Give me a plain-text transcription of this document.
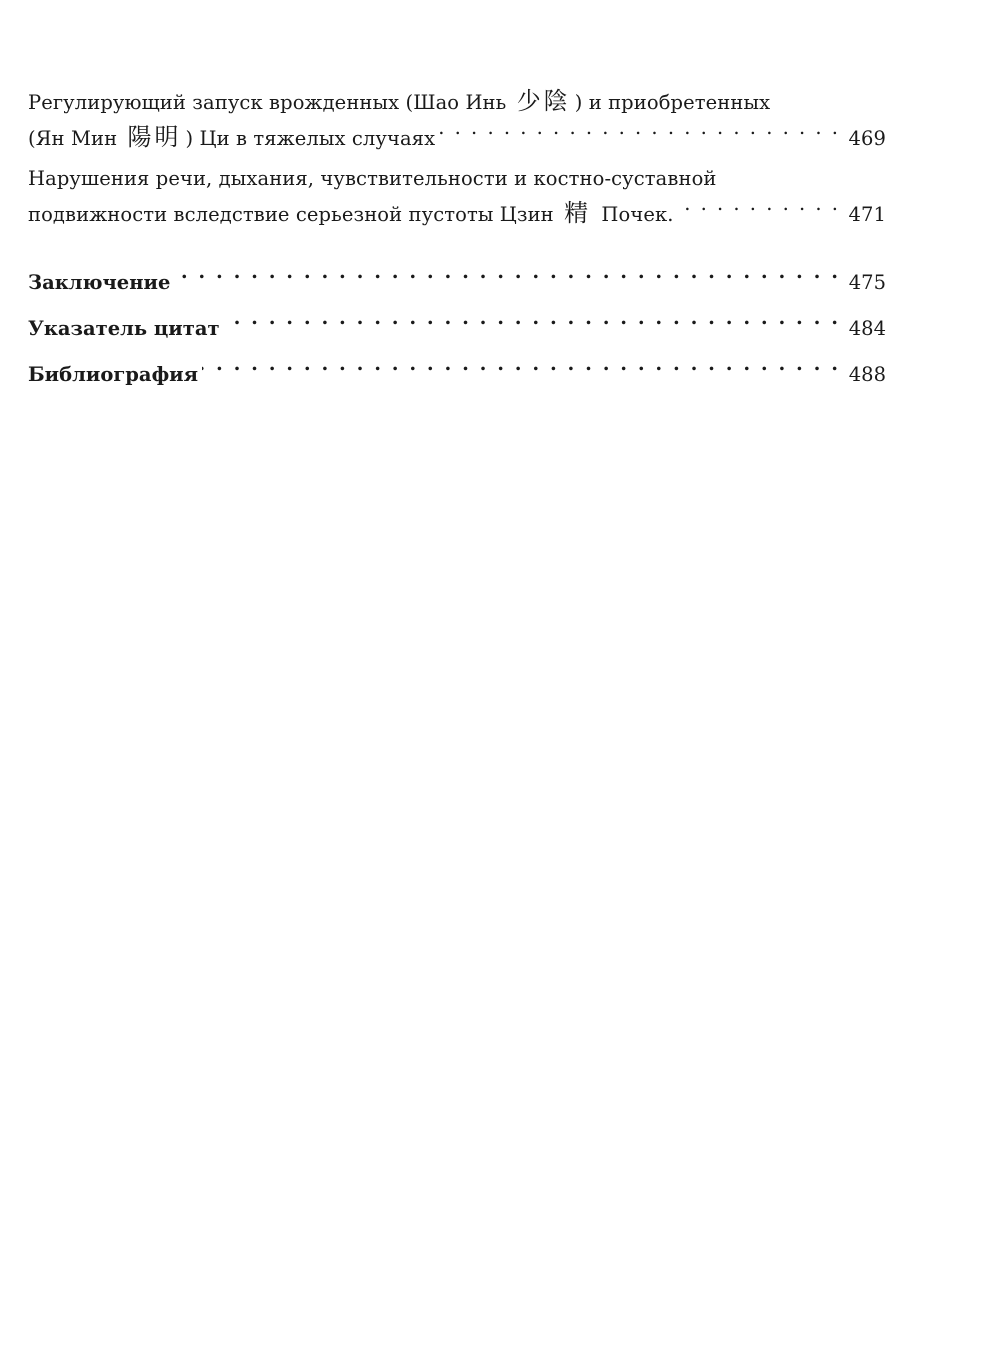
Регулирующий запуск врожденных (Шао Инь 少陰 ) и приобретенных
(Ян Мин 陽明 ) Ци в тяжелых случаях . . .	469
Нарушения речи, дыхания, чувствительности и костно-суставной
подвижности вследствие серьезной пустоты Цзин 精 Почек. . . .	471
Заключение . . .	475
Указатель цитат . . .	484
Библиография . . .	488
